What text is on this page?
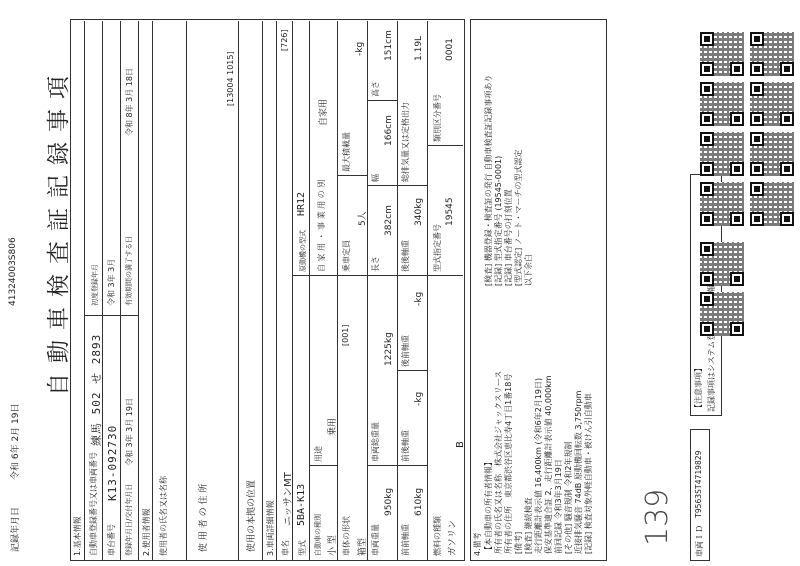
記録年月日
令和 6年 2月 19日
41324003S806
139
B
自動車検査証記録事項
1.基本情報 自動車登録番号又は車両番号
練馬 502 せ 2893
初度登録年月
車台番号
K13-092730
令和 3年 3月
登録年月日/交付年月日
令和 3年 3月 19日
有効期間の満了する日
令和 8年 3月 18日
2.使用者情報 使用者の氏名又は名称	使 用 者 の 住 所
[13004 1015]
使用の本拠の位置 3.車両詳細情報 車名
ニッサンMT
[726]
型式
5BA-K13
原動機の型式
HR12
自動車の種別 小 型
用途
乗用
自 家 用 ・ 事 業 用 の 別
自家用
車体の形状 箱型
[001]
乗車定員
5人
最大積載量
-kg
車両重量
950kg
車両総重量
1225kg
長さ
382cm
幅
166cm
高さ
151cm
前前軸重
610kg
前後軸重
-kg
後前軸重
-kg
後後軸重
340kg
総排気量又は定格出力
1.19L
燃料の種類 ガソリン
型式指定番号
19545
類別区分番号
0001
4.備考 【本自動車の所有者情報】 所有者の氏名又は名称　株式会社ジャックスリース 所有者の住所　東京都渋谷区恵比寿4丁目1番18号 [備考] [検査] 継続検査 走行距離計表示値 16,400km (令和6年2月19日) 保安基準適合証 2、走行距離計表示値 40,000km 前回記録 令和3年3月19日 [その他] 騒音規制 令和2年規制 近接排気騒音 74dB 原動機回転数 3,750rpm [記録] 検査対象外軽自動車・被けん引自動車
[検査] 機器登録・検査証の発行 自動車検査証記録事項あり [記録] 型式指定番号 (19545-0001) [記録] 車台番号の打刻位置 [型式認定] ノート・マーチの型式認定 以下余白
車両ＩＤ
T9563ST4719829
【注意事項】
